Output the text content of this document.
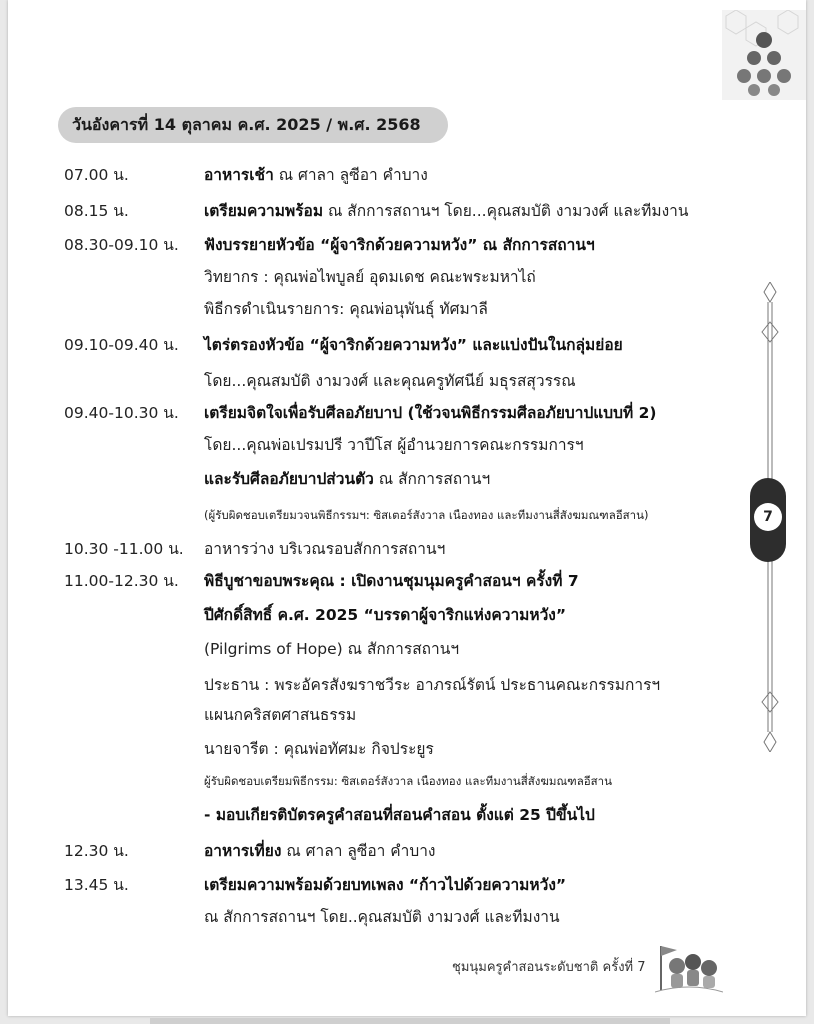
วันอังคารที่ 14 ตุลาคม ค.ศ. 2025 / พ.ศ. 2568
07.00 น.	อาหารเช้า ณ ศาลา ลูซีอา คำบาง
08.15 น.	เตรียมความพร้อม ณ สักการสถานฯ โดย...คุณสมบัติ งามวงศ์ และทีมงาน
08.30-09.10 น. ฟังบรรยายหัวข้อ “ผู้จาริกด้วยความหวัง” ณ สักการสถานฯ
วิทยากร : คุณพ่อไพบูลย์ อุดมเดช คณะพระมหาไถ่
พิธีกรดำเนินรายการ: คุณพ่อนุพันธุ์ ทัศมาลี
09.10-09.40 น. ไตร่ตรองหัวข้อ “ผู้จาริกด้วยความหวัง” และแบ่งปันในกลุ่มย่อย
โดย...คุณสมบัติ งามวงศ์ และคุณครูทัศนีย์ มธุรสสุวรรณ
09.40-10.30 น. เตรียมจิตใจเพื่อรับศีลอภัยบาป (ใช้วจนพิธีกรรมศีลอภัยบาปแบบที่ 2)
โดย...คุณพ่อเปรมปรี วาปีโส ผู้อำนวยการคณะกรรมการฯ
และรับศีลอภัยบาปส่วนตัว ณ สักการสถานฯ
(ผู้รับผิดชอบเตรียมวจนพิธีกรรมฯ: ซิสเตอร์สังวาล เนืองทอง และทีมงานสี่สังฆมณฑลอีสาน)
10.30 -11.00 น. อาหารว่าง บริเวณรอบสักการสถานฯ
11.00-12.30 น. พิธีบูชาขอบพระคุณ : เปิดงานชุมนุมครูคำสอนฯ ครั้งที่ 7
ปีศักดิ์สิทธิ์ ค.ศ. 2025 “บรรดาผู้จาริกแห่งความหวัง”
(Pilgrims of Hope) ณ สักการสถานฯ
ประธาน : พระอัครสังฆราชวีระ อาภรณ์รัตน์ ประธานคณะกรรมการฯ
แผนกคริสตศาสนธรรม
นายจารีต : คุณพ่อทัศมะ กิจประยูร
ผู้รับผิดชอบเตรียมพิธีกรรม: ซิสเตอร์สังวาล เนืองทอง และทีมงานสี่สังฆมณฑลอีสาน
- มอบเกียรติบัตรครูคำสอนที่สอนคำสอน ตั้งแต่ 25 ปีขึ้นไป
12.30 น.	อาหารเที่ยง ณ ศาลา ลูซีอา คำบาง
13.45 น.	เตรียมความพร้อมด้วยบทเพลง “ก้าวไปด้วยความหวัง”
ณ สักการสถานฯ โดย..คุณสมบัติ งามวงศ์ และทีมงาน
7
ชุมนุมครูคำสอนระดับชาติ ครั้งที่ 7
